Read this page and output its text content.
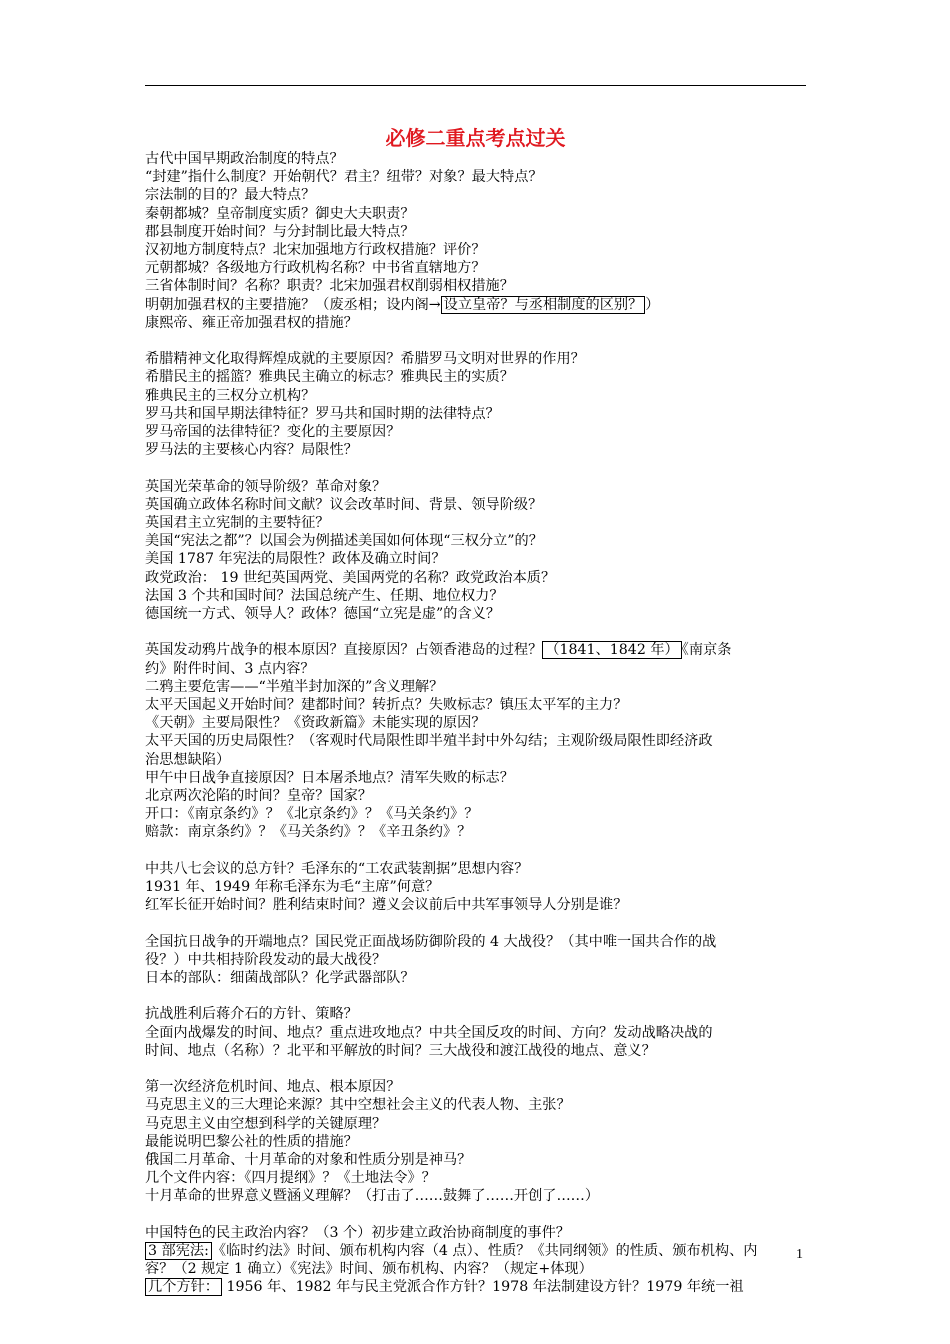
必修二重点考点过关
古代中国早期政治制度的特点？
“封建”指什么制度？开始朝代？君主？纽带？对象？最大特点？
宗法制的目的？最大特点？
秦朝都城？皇帝制度实质？御史大夫职责？
郡县制度开始时间？与分封制比最大特点？
汉初地方制度特点？北宋加强地方行政权措施？评价？
元朝都城？各级地方行政机构名称？中书省直辖地方？
三省体制时间？名称？职责？北宋加强君权削弱相权措施？
明朝加强君权的主要措施？（废丞相；设内阁→ 设立皇帝？与丞相制度的区别？ ）
康熙帝、雍正帝加强君权的措施？
希腊精神文化取得辉煌成就的主要原因？希腊罗马文明对世界的作用？
希腊民主的摇篮？雅典民主确立的标志？雅典民主的实质？
雅典民主的三权分立机构？
罗马共和国早期法律特征？罗马共和国时期的法律特点？
罗马帝国的法律特征？变化的主要原因？
罗马法的主要核心内容？局限性？
英国光荣革命的领导阶级？革命对象？
英国确立政体名称时间文献？议会改革时间、背景、领导阶级？
英国君主立宪制的主要特征？
美国“宪法之都”？以国会为例描述美国如何体现“三权分立”的？
美国 1787 年宪法的局限性？政体及确立时间？
政党政治： 19 世纪英国两党、美国两党的名称？政党政治本质？
法国 3 个共和国时间？法国总统产生、任期、地位权力？
德国统一方式、领导人？政体？德国“立宪是虚”的含义？
英国发动鸦片战争的根本原因？直接原因？占领香港岛的过程？ （1841、1842 年） 《南京条
约》附件时间、3 点内容？
二鸦主要危害——“半殖半封加深的”含义理解？
太平天国起义开始时间？建都时间？转折点？失败标志？镇压太平军的主力？
《天朝》主要局限性？《资政新篇》未能实现的原因？
太平天国的历史局限性？（客观时代局限性即半殖半封中外勾结；主观阶级局限性即经济政
治思想缺陷）
甲午中日战争直接原因？日本屠杀地点？清军失败的标志？
北京两次沦陷的时间？皇帝？国家？
开口：《南京条约》？《北京条约》？《马关条约》？
赔款：南京条约》？《马关条约》？《辛丑条约》？
中共八七会议的总方针？毛泽东的“工农武装割据”思想内容？
1931 年、1949 年称毛泽东为毛“主席”何意？
红军长征开始时间？胜利结束时间？遵义会议前后中共军事领导人分别是谁？
全国抗日战争的开端地点？国民党正面战场防御阶段的 4 大战役？（其中唯一国共合作的战
役？）中共相持阶段发动的最大战役？
日本的部队：细菌战部队？化学武器部队？
抗战胜利后蒋介石的方针、策略？
全面内战爆发的时间、地点？重点进攻地点？中共全国反攻的时间、方向？发动战略决战的
时间、地点（名称）？北平和平解放的时间？三大战役和渡江战役的地点、意义？
第一次经济危机时间、地点、根本原因？
马克思主义的三大理论来源？其中空想社会主义的代表人物、主张？
马克思主义由空想到科学的关键原理？
最能说明巴黎公社的性质的措施？
俄国二月革命、十月革命的对象和性质分别是神马？
几个文件内容：《四月提纲》？《土地法令》？
十月革命的世界意义暨涵义理解？（打击了……鼓舞了……开创了……）
中国特色的民主政治内容？（3 个）初步建立政治协商制度的事件？
3 部宪法: 《临时约法》时间、颁布机构内容（4 点）、性质？《共同纲领》的性质、颁布机构、内
容？（2 规定 1 确立）《宪法》时间、颁布机构、内容？（规定+体现）
几个方针： 1956 年、1982 年与民主党派合作方针？1978 年法制建设方针？1979 年统一祖
1
